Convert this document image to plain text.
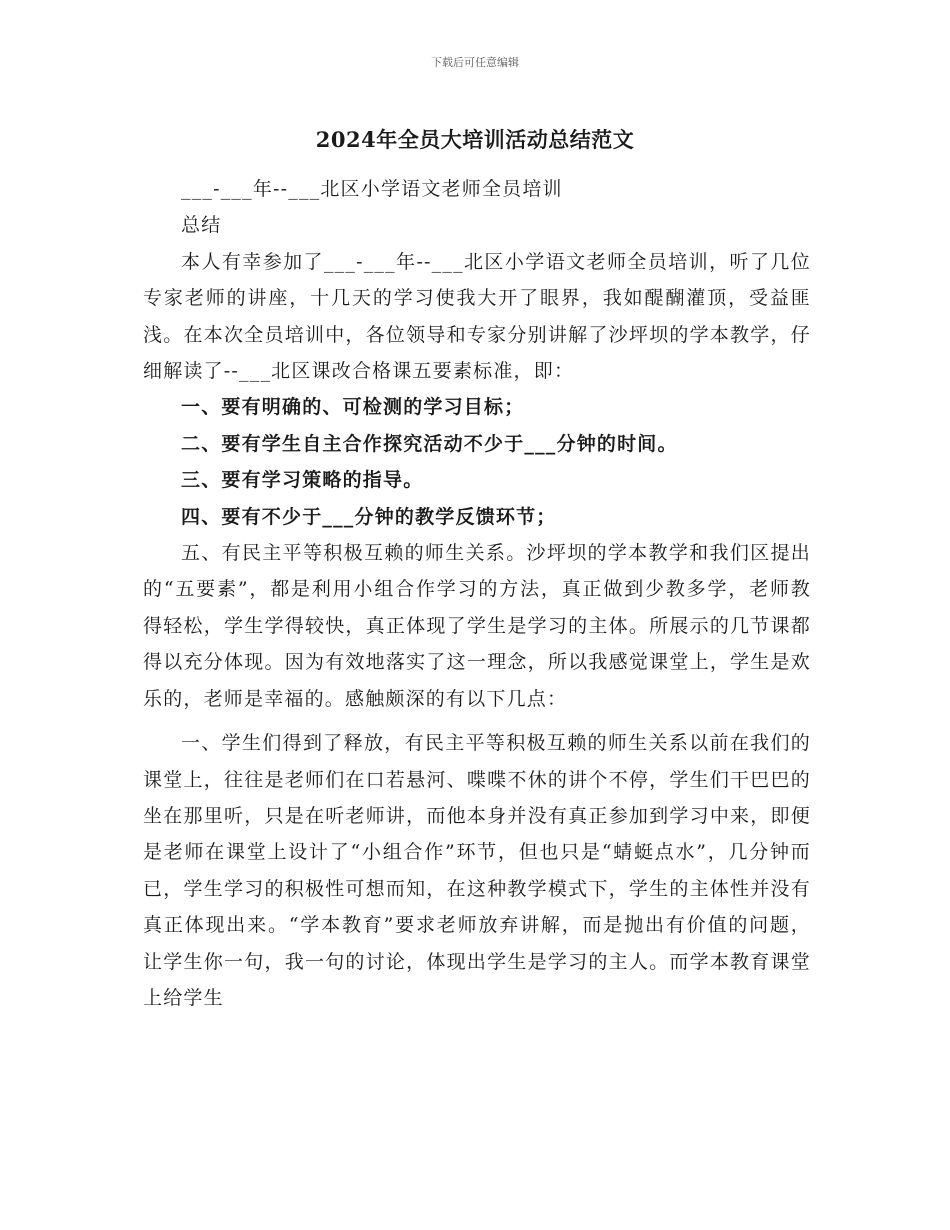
下载后可任意编辑
2024年全员大培训活动总结范文

___-___年--___北区小学语文老师全员培训

总结

本人有幸参加了___-___年--___北区小学语文老师全员培训，听了几位专家老师的讲座，十几天的学习使我大开了眼界，我如醍醐灌顶，受益匪浅。在本次全员培训中，各位领导和专家分别讲解了沙坪坝的学本教学，仔细解读了--___北区课改合格课五要素标准，即：

一、要有明确的、可检测的学习目标；

二、要有学生自主合作探究活动不少于___分钟的时间。

三、要有学习策略的指导。

四、要有不少于___分钟的教学反馈环节；

五、有民主平等积极互赖的师生关系。沙坪坝的学本教学和我们区提出的“五要素”，都是利用小组合作学习的方法，真正做到少教多学，老师教得轻松，学生学得较快，真正体现了学生是学习的主体。所展示的几节课都得以充分体现。因为有效地落实了这一理念，所以我感觉课堂上，学生是欢乐的，老师是幸福的。感触颇深的有以下几点：

一、学生们得到了释放，有民主平等积极互赖的师生关系以前在我们的课堂上，往往是老师们在口若悬河、喋喋不休的讲个不停，学生们干巴巴的坐在那里听，只是在听老师讲，而他本身并没有真正参加到学习中来，即便是老师在课堂上设计了“小组合作”环节，但也只是“蜻蜓点水”，几分钟而已，学生学习的积极性可想而知，在这种教学模式下，学生的主体性并没有真正体现出来。“学本教育”要求老师放弃讲解，而是抛出有价值的问题，让学生你一句，我一句的讨论，体现出学生是学习的主人。而学本教育课堂上给学生
